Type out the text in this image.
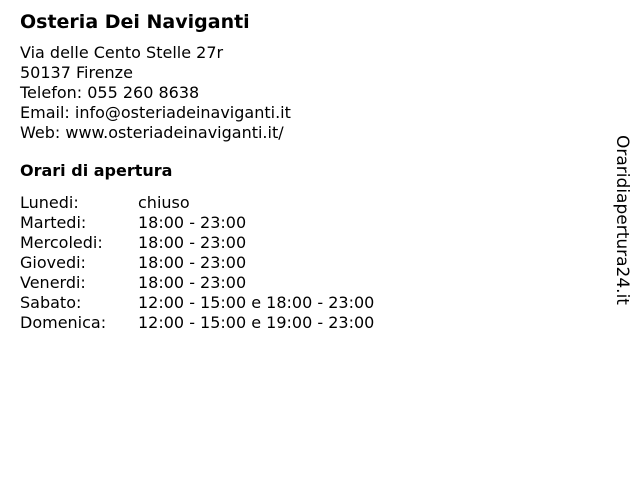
Osteria Dei Naviganti
Via delle Cento Stelle 27r
50137 Firenze
Telefon: 055 260 8638
Email: info@osteriadeinaviganti.it
Web: www.osteriadeinaviganti.it/
Orari di apertura
Lunedi:	chiuso
Martedi:	18:00 - 23:00
Mercoledi:	18:00 - 23:00
Giovedi:	18:00 - 23:00
Venerdi:	18:00 - 23:00
Sabato:	12:00 - 15:00 e 18:00 - 23:00
Domenica:	12:00 - 15:00 e 19:00 - 23:00
Oraridiapertura24.it
